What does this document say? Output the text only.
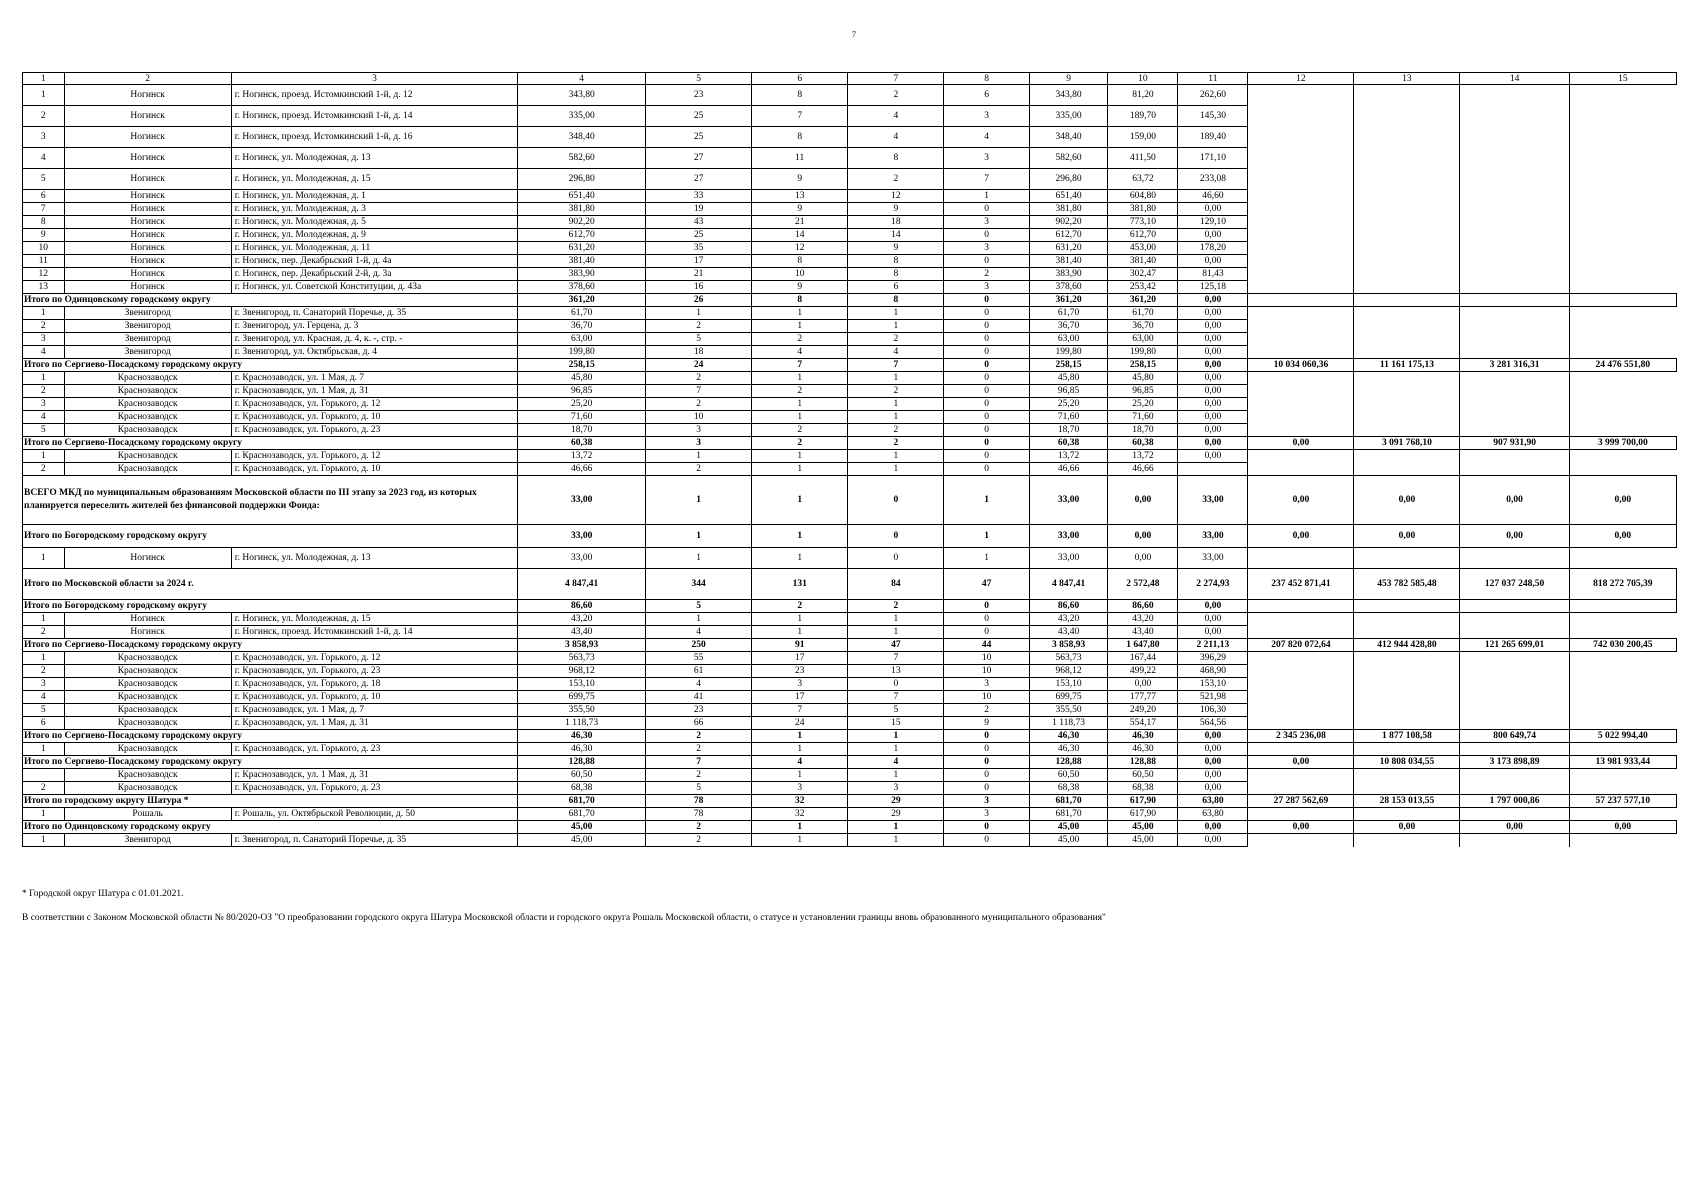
7
1	2	3	4	5	6	7	8	9	10	11	12	13	14	15
1	Ногинск	г. Ногинск, проезд. Истомкинский 1-й, д. 12	343,80	23	8	2	6	343,80	81,20	262,60				
2	Ногинск	г. Ногинск, проезд. Истомкинский 1-й, д. 14	335,00	25	7	4	3	335,00	189,70	145,30				
3	Ногинск	г. Ногинск, проезд. Истомкинский 1-й, д. 16	348,40	25	8	4	4	348,40	159,00	189,40				
4	Ногинск	г. Ногинск, ул. Молодежная, д. 13	582,60	27	11	8	3	582,60	411,50	171,10				
5	Ногинск	г. Ногинск, ул. Молодежная, д. 15	296,80	27	9	2	7	296,80	63,72	233,08				
6	Ногинск	г. Ногинск, ул. Молодежная, д. 1	651,40	33	13	12	1	651,40	604,80	46,60				
7	Ногинск	г. Ногинск, ул. Молодежная, д. 3	381,80	19	9	9	0	381,80	381,80	0,00				
8	Ногинск	г. Ногинск, ул. Молодежная, д. 5	902,20	43	21	18	3	902,20	773,10	129,10				
9	Ногинск	г. Ногинск, ул. Молодежная, д. 9	612,70	25	14	14	0	612,70	612,70	0,00				
10	Ногинск	г. Ногинск, ул. Молодежная, д. 11	631,20	35	12	9	3	631,20	453,00	178,20				
11	Ногинск	г. Ногинск, пер. Декабрьский 1-й, д. 4а	381,40	17	8	8	0	381,40	381,40	0,00				
12	Ногинск	г. Ногинск, пер. Декабрьский 2-й, д. 3а	383,90	21	10	8	2	383,90	302,47	81,43				
13	Ногинск	г. Ногинск, ул. Советской Конституции, д. 43а	378,60	16	9	6	3	378,60	253,42	125,18				
Итого по Одинцовскому городскому округу			361,20	26	8	8	0	361,20	361,20	0,00				
1	Звенигород	г. Звенигород, п. Санаторий Поречье, д. 35	61,70	1	1	1	0	61,70	61,70	0,00				
2	Звенигород	г. Звенигород, ул. Герцена, д. 3	36,70	2	1	1	0	36,70	36,70	0,00				
3	Звенигород	г. Звенигород, ул. Красная, д. 4, к. -, стр. -	63,00	5	2	2	0	63,00	63,00	0,00				
4	Звенигород	г. Звенигород, ул. Октябрьская, д. 4	199,80	18	4	4	0	199,80	199,80	0,00				
Итого по Сергиево-Посадскому городскому округу			258,15	24	7	7	0	258,15	258,15	0,00	10 034 060,36	11 161 175,13	3 281 316,31	24 476 551,80
1	Краснозаводск	г. Краснозаводск, ул. 1 Мая, д. 7	45,80	2	1	1	0	45,80	45,80	0,00				
2	Краснозаводск	г. Краснозаводск, ул. 1 Мая, д. 31	96,85	7	2	2	0	96,85	96,85	0,00				
3	Краснозаводск	г. Краснозаводск, ул. Горького, д. 12	25,20	2	1	1	0	25,20	25,20	0,00				
4	Краснозаводск	г. Краснозаводск, ул. Горького, д. 10	71,60	10	1	1	0	71,60	71,60	0,00				
5	Краснозаводск	г. Краснозаводск, ул. Горького, д. 23	18,70	3	2	2	0	18,70	18,70	0,00				
Итого по Сергиево-Посадскому городскому округу			60,38	3	2	2	0	60,38	60,38	0,00	0,00	3 091 768,10	907 931,90	3 999 700,00
1	Краснозаводск	г. Краснозаводск, ул. Горького, д. 12	13,72	1	1	1	0	13,72	13,72	0,00				
2	Краснозаводск	г. Краснозаводск, ул. Горького, д. 10	46,66	2	1	1	0	46,66	46,66					
ВСЕГО МКД по муниципальным образованиям Московской области по III этапу за 2023 год, из которых планируется переселить жителей без финансовой поддержки Фонда:			33,00	1	1	0	1	33,00	0,00	33,00	0,00	0,00	0,00	0,00
Итого по Богородскому городскому округу			33,00	1	1	0	1	33,00	0,00	33,00	0,00	0,00	0,00	0,00
1	Ногинск	г. Ногинск, ул. Молодежная, д. 13	33,00	1	1	0	1	33,00	0,00	33,00				
Итого по Московской области за 2024 г.			4 847,41	344	131	84	47	4 847,41	2 572,48	2 274,93	237 452 871,41	453 782 585,48	127 037 248,50	818 272 705,39
Итого по Богородскому городскому округу			86,60	5	2	2	0	86,60	86,60	0,00				
1	Ногинск	г. Ногинск, ул. Молодежная, д. 15	43,20	1	1	1	0	43,20	43,20	0,00				
2	Ногинск	г. Ногинск, проезд. Истомкинский 1-й, д. 14	43,40	4	1	1	0	43,40	43,40	0,00				
Итого по Сергиево-Посадскому городскому округу			3 858,93	250	91	47	44	3 858,93	1 647,80	2 211,13	207 820 072,64	412 944 428,80	121 265 699,01	742 030 200,45
1	Краснозаводск	г. Краснозаводск, ул. Горького, д. 12	563,73	55	17	7	10	563,73	167,44	396,29				
2	Краснозаводск	г. Краснозаводск, ул. Горького, д. 23	968,12	61	23	13	10	968,12	499,22	468,90				
3	Краснозаводск	г. Краснозаводск, ул. Горького, д. 18	153,10	4	3	0	3	153,10	0,00	153,10				
4	Краснозаводск	г. Краснозаводск, ул. Горького, д. 10	699,75	41	17	7	10	699,75	177,77	521,98				
5	Краснозаводск	г. Краснозаводск, ул. 1 Мая, д. 7	355,50	23	7	5	2	355,50	249,20	106,30				
6	Краснозаводск	г. Краснозаводск, ул. 1 Мая, д. 31	1 118,73	66	24	15	9	1 118,73	554,17	564,56				
Итого по Сергиево-Посадскому городскому округу			46,30	2	1	1	0	46,30	46,30	0,00	2 345 236,08	1 877 108,58	800 649,74	5 022 994,40
1	Краснозаводск	г. Краснозаводск, ул. Горького, д. 23	46,30	2	1	1	0	46,30	46,30	0,00				
Итого по Сергиево-Посадскому городскому округу			128,88	7	4	4	0	128,88	128,88	0,00	0,00	10 808 034,55	3 173 898,89	13 981 933,44
	Краснозаводск	г. Краснозаводск, ул. 1 Мая, д. 31	60,50	2	1	1	0	60,50	60,50	0,00				
2	Краснозаводск	г. Краснозаводск, ул. Горького, д. 23	68,38	5	3	3	0	68,38	68,38	0,00				
Итого по городскому округу Шатура *			681,70	78	32	29	3	681,70	617,90	63,80	27 287 562,69	28 153 013,55	1 797 000,86	57 237 577,10
1	Рошаль	г. Рошаль, ул. Октябрьской Революции, д. 50	681,70	78	32	29	3	681,70	617,90	63,80				
Итого по Одинцовскому городскому округу			45,00	2	1	1	0	45,00	45,00	0,00	0,00	0,00	0,00	0,00
1	Звенигород	г. Звенигород, п. Санаторий Поречье, д. 35	45,00	2	1	1	0	45,00	45,00	0,00				
* Городской округ Шатура с 01.01.2021.
В соответствии с Законом Московской области № 80/2020-ОЗ "О преобразовании городского округа Шатура Московской области и городского округа Рошаль Московской области, о статусе и установлении границы вновь образованного муниципального образования"
